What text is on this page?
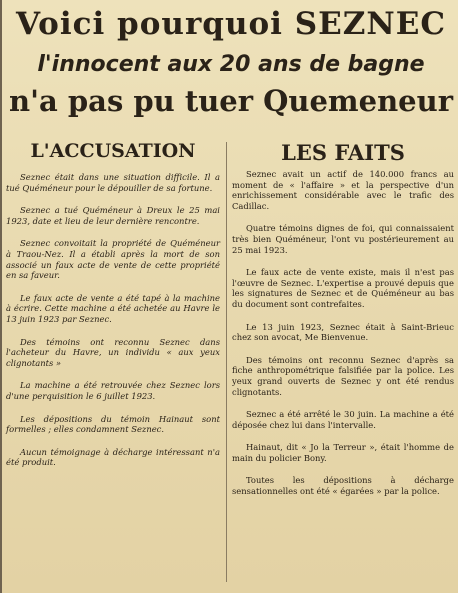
Voici pourquoi SEZNEC
l'innocent aux 20 ans de bagne
n'a pas pu tuer Quemeneur
L'ACCUSATION

Seznec était dans une situation difficile. Il a tué Quéméneur pour le dépouiller de sa fortune.

Seznec a tué Quéméneur à Dreux le 25 mai 1923, date et lieu de leur dernière rencontre.

Seznec convoitait la propriété de Quéméneur à Traou-Nez. Il a établi après la mort de son associé un faux acte de vente de cette propriété en sa faveur.

Le faux acte de vente a été tapé à la machine à écrire. Cette machine a été achetée au Havre le 13 juin 1923 par Seznec.

Des témoins ont reconnu Seznec dans l'acheteur du Havre, un individu « aux yeux clignotants »

La machine a été retrouvée chez Seznec lors d'une perquisition le 6 juillet 1923.

Les dépositions du témoin Hainaut sont formelles ; elles condamnent Seznec.

Aucun témoignage à décharge intéressant n'a été produit.

LES FAITS

Seznec avait un actif de 140.000 francs au moment de « l'affaire » et la perspective d'un enrichissement considérable avec le trafic des Cadillac.

Quatre témoins dignes de foi, qui connaissaient très bien Quéméneur, l'ont vu postérieurement au 25 mai 1923.

Le faux acte de vente existe, mais il n'est pas l'œuvre de Seznec. L'expertise a prouvé depuis que les signatures de Seznec et de Quéméneur au bas du document sont contrefaites.

Le 13 juin 1923, Seznec était à Saint-Brieuc chez son avocat, Me Bienvenue.

Des témoins ont reconnu Seznec d'après sa fiche anthropométrique falsifiée par la police. Les yeux grand ouverts de Seznec y ont été rendus clignotants.

Seznec a été arrêté le 30 juin. La machine a été déposée chez lui dans l'intervalle.

Hainaut, dit « Jo la Terreur », était l'homme de main du policier Bony.

Toutes les dépositions à décharge sensationnelles ont été « égarées » par la police.
